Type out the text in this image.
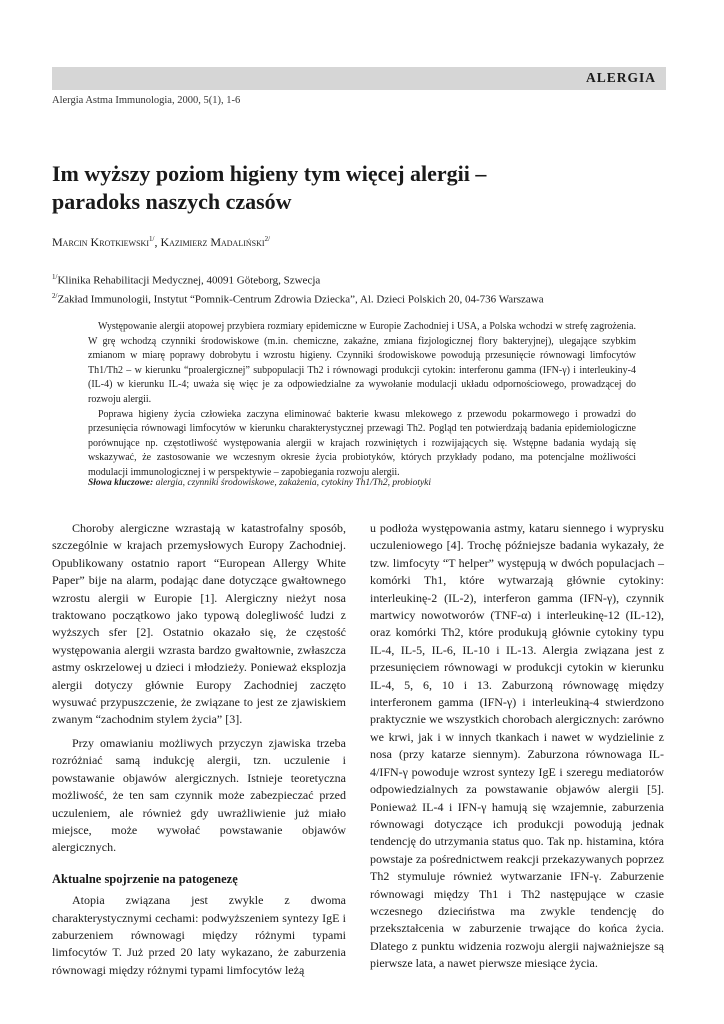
ALERGIA
Alergia Astma Immunologia, 2000, 5(1), 1-6
Im wyższy poziom higieny tym więcej alergii –
paradoks naszych czasów
Marcin Krotkiewski$^{1/}$, Kazimierz Madaliński$^{2/}$
$^{1/}$Klinika Rehabilitacji Medycznej, 40091 Göteborg, Szwecja
$^{2/}$Zakład Immunologii, Instytut “Pomnik-Centrum Zdrowia Dziecka”, Al. Dzieci Polskich 20, 04-736 Warszawa

Występowanie alergii atopowej przybiera rozmiary epidemiczne w Europie Zachodniej i USA, a Polska wchodzi w strefę zagrożenia. W grę wchodzą czynniki środowiskowe (m.in. chemiczne, zakaźne, zmiana fizjologicznej flory bakteryjnej), ulegające szybkim zmianom w miarę poprawy dobrobytu i wzrostu higieny. Czynniki środowiskowe powodują przesunięcie równowagi limfocytów Th1/Th2 – w kierunku “proalergicznej” subpopulacji Th2 i równowagi produkcji cytokin: interferonu gamma (IFN-γ) i interleukiny-4 (IL-4) w kierunku IL-4; uważa się więc je za odpowiedzialne za wywołanie modulacji układu odpornościowego, prowadzącej do rozwoju alergii.

Poprawa higieny życia człowieka zaczyna eliminować bakterie kwasu mlekowego z przewodu pokarmowego i prowadzi do przesunięcia równowagi limfocytów w kierunku charakterystycznej przewagi Th2. Pogląd ten potwierdzają badania epidemiologiczne porównujące np. częstotliwość występowania alergii w krajach rozwiniętych i rozwijających się. Wstępne badania wydają się wskazywać, że zastosowanie we wczesnym okresie życia probiotyków, których przykłady podano, ma potencjalne możliwości modulacji immunologicznej i w perspektywie – zapobiegania rozwoju alergii.

Słowa kluczowe: alergia, czynniki środowiskowe, zakażenia, cytokiny Th1/Th2, probiotyki

Choroby alergiczne wzrastają w katastrofalny sposób, szczególnie w krajach przemysłowych Europy Zachodniej. Opublikowany ostatnio raport “European Allergy White Paper” bije na alarm, podając dane dotyczące gwałtownego wzrostu alergii w Europie [1]. Alergiczny nieżyt nosa traktowano początkowo jako typową dolegliwość ludzi z wyższych sfer [2]. Ostatnio okazało się, że częstość występowania alergii wzrasta bardzo gwałtownie, zwłaszcza astmy oskrzelowej u dzieci i młodzieży. Ponieważ eksplozja alergii dotyczy głównie Europy Zachodniej zaczęto wysuwać przypuszczenie, że związane to jest ze zjawiskiem zwanym “zachodnim stylem życia” [3].

Przy omawianiu możliwych przyczyn zjawiska trzeba rozróżniać samą indukcję alergii, tzn. uczulenie i powstawanie objawów alergicznych. Istnieje teoretyczna możliwość, że ten sam czynnik może zabezpieczać przed uczuleniem, ale również gdy uwrażliwienie już miało miejsce, może wywołać powstawanie objawów alergicznych.

Aktualne spojrzenie na patogenezę

Atopia związana jest zwykle z dwoma charakterystycznymi cechami: podwyższeniem syntezy IgE i zaburzeniem równowagi między różnymi typami limfocytów T. Już przed 20 laty wykazano, że zaburzenia równowagi między różnymi typami limfocytów leżą

u podłoża występowania astmy, kataru siennego i wyprysku uczuleniowego [4]. Trochę późniejsze badania wykazały, że tzw. limfocyty “T helper” występują w dwóch populacjach – komórki Th1, które wytwarzają głównie cytokiny: interleukinę-2 (IL-2), interferon gamma (IFN-γ), czynnik martwicy nowotworów (TNF-α) i interleukinę-12 (IL-12), oraz komórki Th2, które produkują głównie cytokiny typu IL-4, IL-5, IL-6, IL-10 i IL-13. Alergia związana jest z przesunięciem równowagi w produkcji cytokin w kierunku IL-4, 5, 6, 10 i 13. Zaburzoną równowagę między interferonem gamma (IFN-γ) i interleukiną-4 stwierdzono praktycznie we wszystkich chorobach alergicznych: zarówno we krwi, jak i w innych tkankach i nawet w wydzielinie z nosa (przy katarze siennym). Zaburzona równowaga IL-4/IFN-γ powoduje wzrost syntezy IgE i szeregu mediatorów odpowiedzialnych za powstawanie objawów alergii [5]. Ponieważ IL-4 i IFN-γ hamują się wzajemnie, zaburzenia równowagi dotyczące ich produkcji powodują jednak tendencję do utrzymania status quo. Tak np. histamina, która powstaje za pośrednictwem reakcji przekazywanych poprzez Th2 stymuluje również wytwarzanie IFN-γ. Zaburzenie równowagi między Th1 i Th2 następujące w czasie wczesnego dzieciństwa ma zwykle tendencję do przekształcenia w zaburzenie trwające do końca życia. Dlatego z punktu widzenia rozwoju alergii najważniejsze są pierwsze lata, a nawet pierwsze miesiące życia.
